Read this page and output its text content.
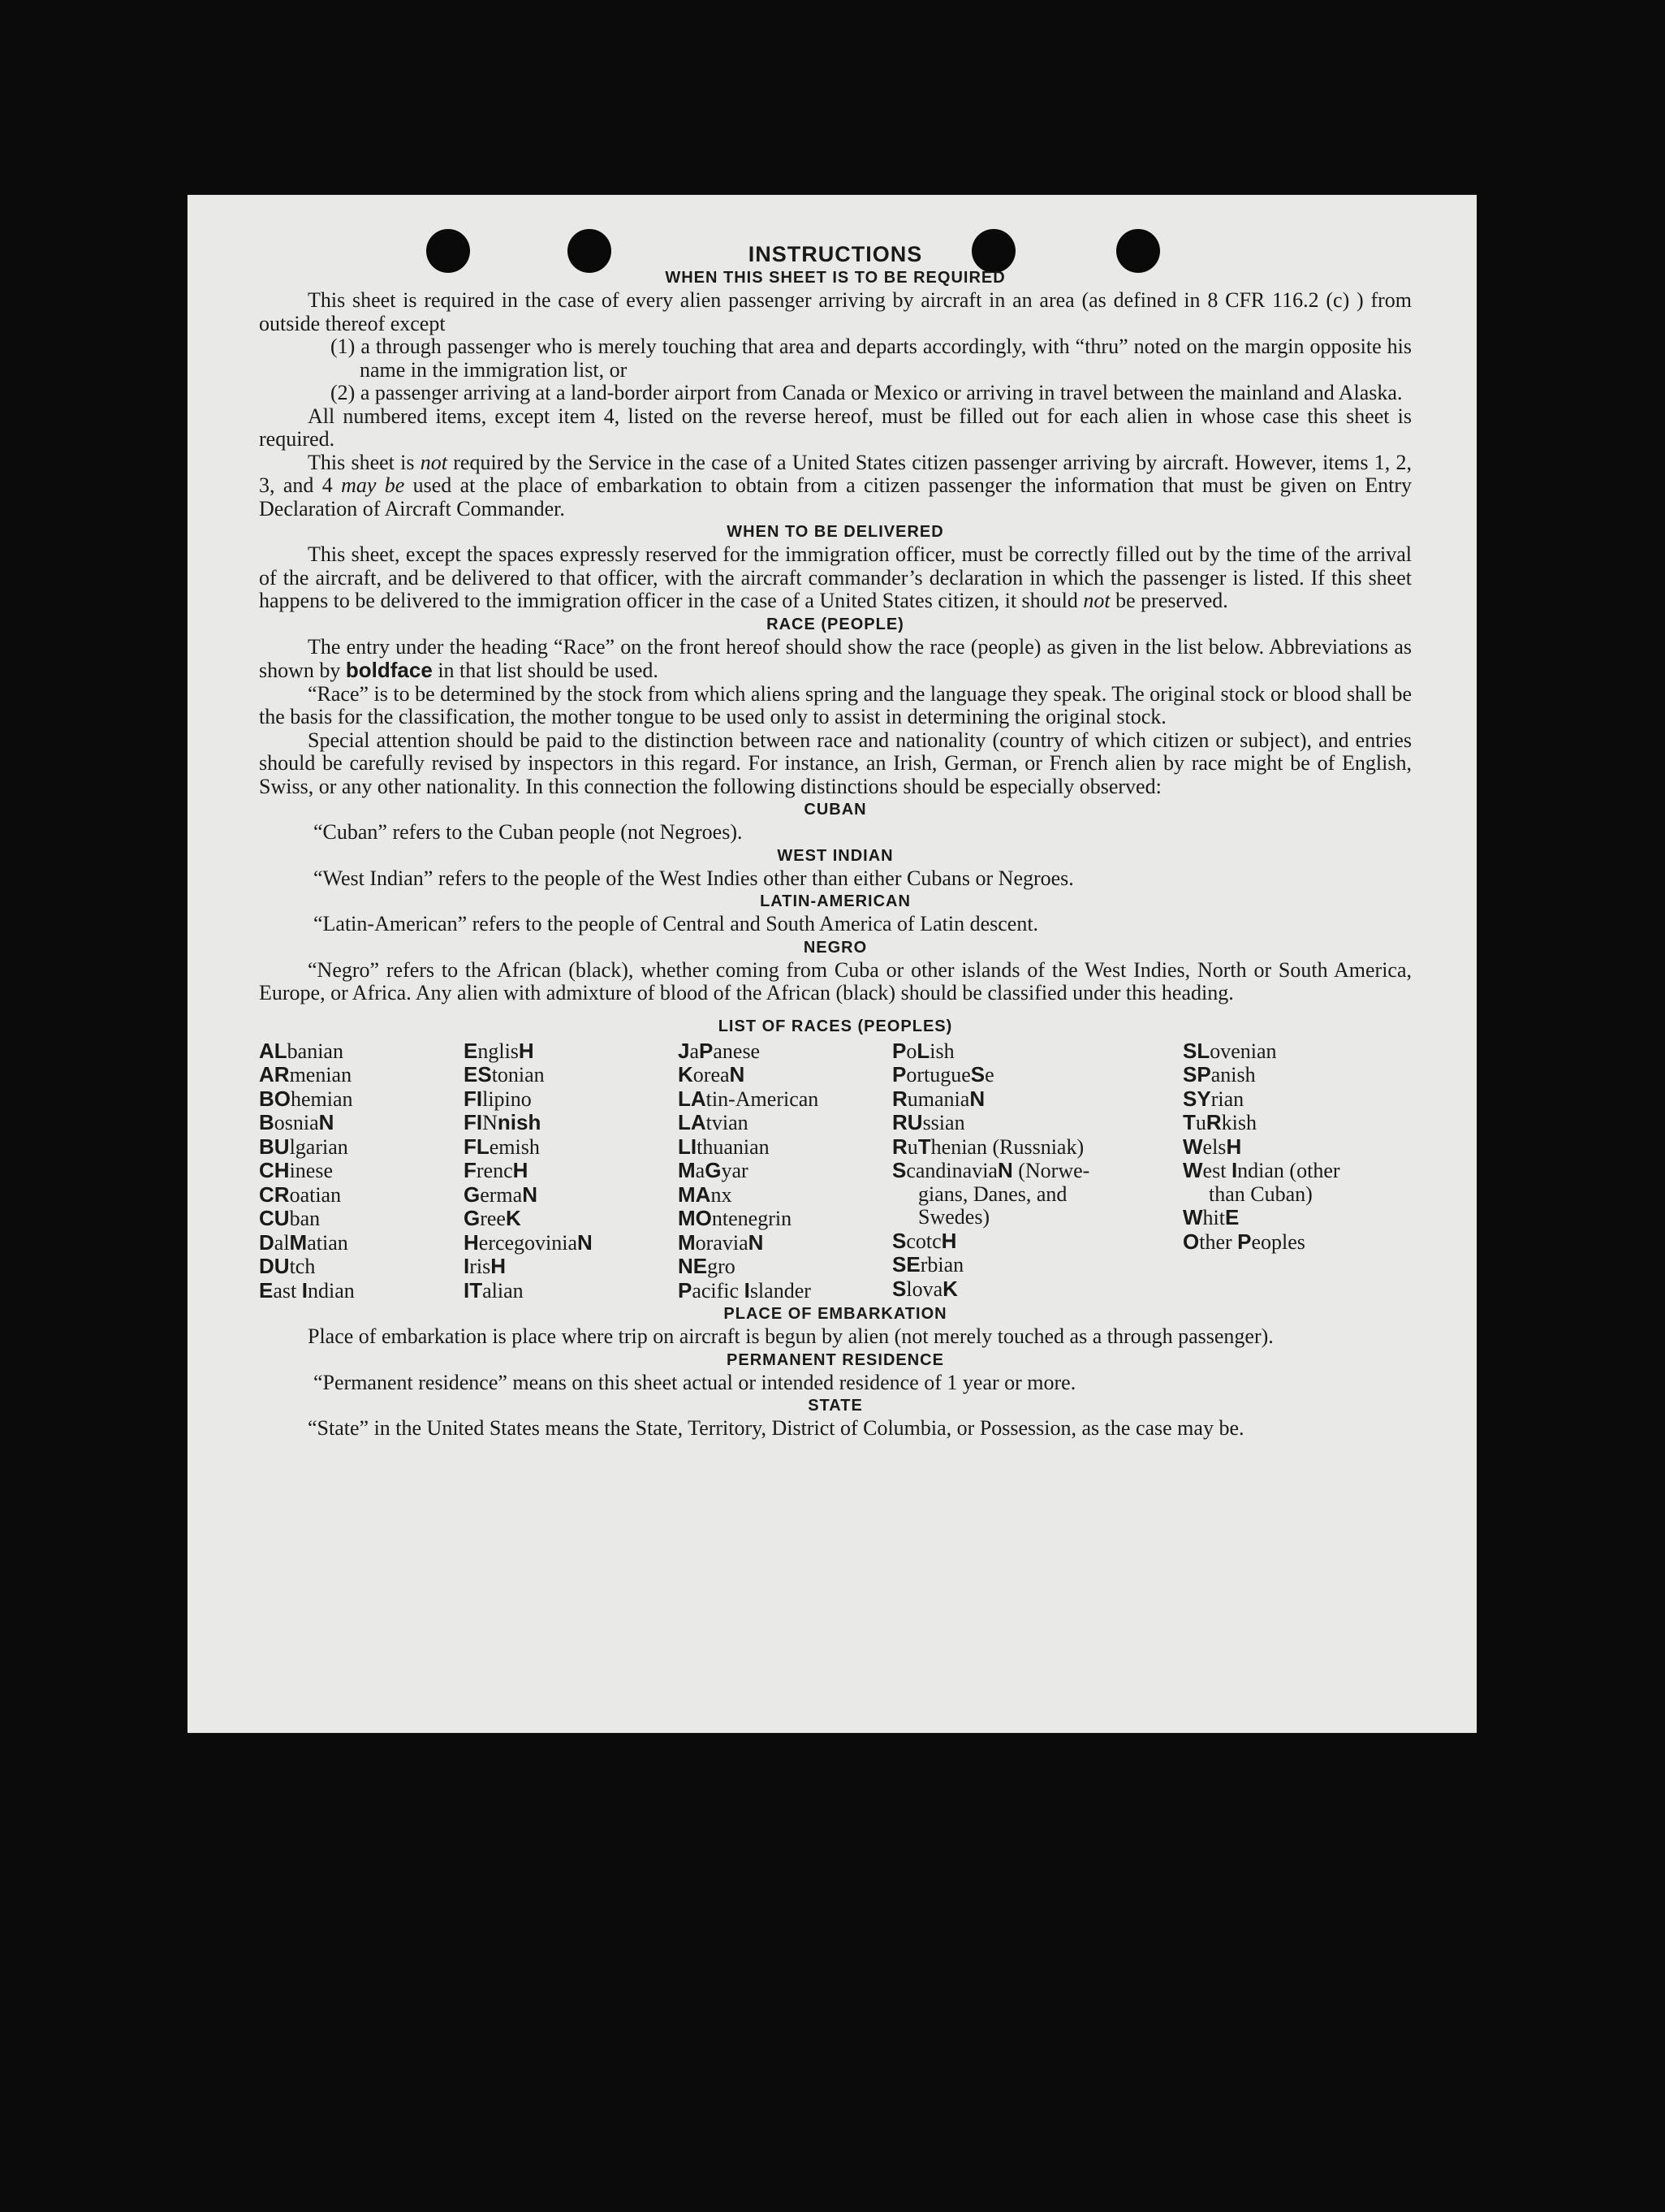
INSTRUCTIONS
WHEN THIS SHEET IS TO BE REQUIRED

This sheet is required in the case of every alien passenger arriving by aircraft in an area (as defined in 8 CFR 116.2 (c) ) from outside thereof except

(1) a through passenger who is merely touching that area and departs accordingly, with “thru” noted on the margin opposite his name in the immigration list, or

(2) a passenger arriving at a land-border airport from Canada or Mexico or arriving in travel between the mainland and Alaska.

All numbered items, except item 4, listed on the reverse hereof, must be filled out for each alien in whose case this sheet is required.

This sheet is not required by the Service in the case of a United States citizen passenger arriving by aircraft. However, items 1, 2, 3, and 4 may be used at the place of embarkation to obtain from a citizen passenger the information that must be given on Entry Declaration of Aircraft Commander.

WHEN TO BE DELIVERED

This sheet, except the spaces expressly reserved for the immigration officer, must be correctly filled out by the time of the arrival of the aircraft, and be delivered to that officer, with the aircraft commander’s declaration in which the passenger is listed. If this sheet happens to be delivered to the immigration officer in the case of a United States citizen, it should not be preserved.

RACE (PEOPLE)

The entry under the heading “Race” on the front hereof should show the race (people) as given in the list below. Abbreviations as shown by boldface in that list should be used.

“Race” is to be determined by the stock from which aliens spring and the language they speak. The original stock or blood shall be the basis for the classification, the mother tongue to be used only to assist in determining the original stock.

Special attention should be paid to the distinction between race and nationality (country of which citizen or subject), and entries should be carefully revised by inspectors in this regard. For instance, an Irish, German, or French alien by race might be of English, Swiss, or any other nationality. In this connection the following distinctions should be especially observed:

CUBAN

“Cuban” refers to the Cuban people (not Negroes).

WEST INDIAN

“West Indian” refers to the people of the West Indies other than either Cubans or Negroes.

LATIN-AMERICAN

“Latin-American” refers to the people of Central and South America of Latin descent.

NEGRO

“Negro” refers to the African (black), whether coming from Cuba or other islands of the West Indies, North or South America, Europe, or Africa. Any alien with admixture of blood of the African (black) should be classified under this heading.

LIST OF RACES (PEOPLES)
ALbanian
ARmenian
BOhemian
BosniaN
BUlgarian
CHinese
CRoatian
CUban
DalMatian
DUtch
East Indian
EnglisH
EStonian
FIlipino
FINnish
FLemish
FrencH
GermaN
GreeK
HercegoviniaN
IrisH
ITalian
JaPanese
KoreaN
LAtin-American
LAtvian
LIthuanian
MaGyar
MAnx
MOntenegrin
MoraviaN
NEgro
Pacific Islander
PoLish
PortugueSe
RumaniaN
RUssian
RuThenian (Russniak)
ScandinaviaN (Norwe-
gians, Danes, and
Swedes)
ScotcH
SErbian
SlovaK
SLovenian
SPanish
SYrian
TuRkish
WelsH
West Indian (other
than Cuban)
WhitE
Other Peoples
PLACE OF EMBARKATION

Place of embarkation is place where trip on aircraft is begun by alien (not merely touched as a through passenger).

PERMANENT RESIDENCE

“Permanent residence” means on this sheet actual or intended residence of 1 year or more.

STATE

“State” in the United States means the State, Territory, District of Columbia, or Possession, as the case may be.
